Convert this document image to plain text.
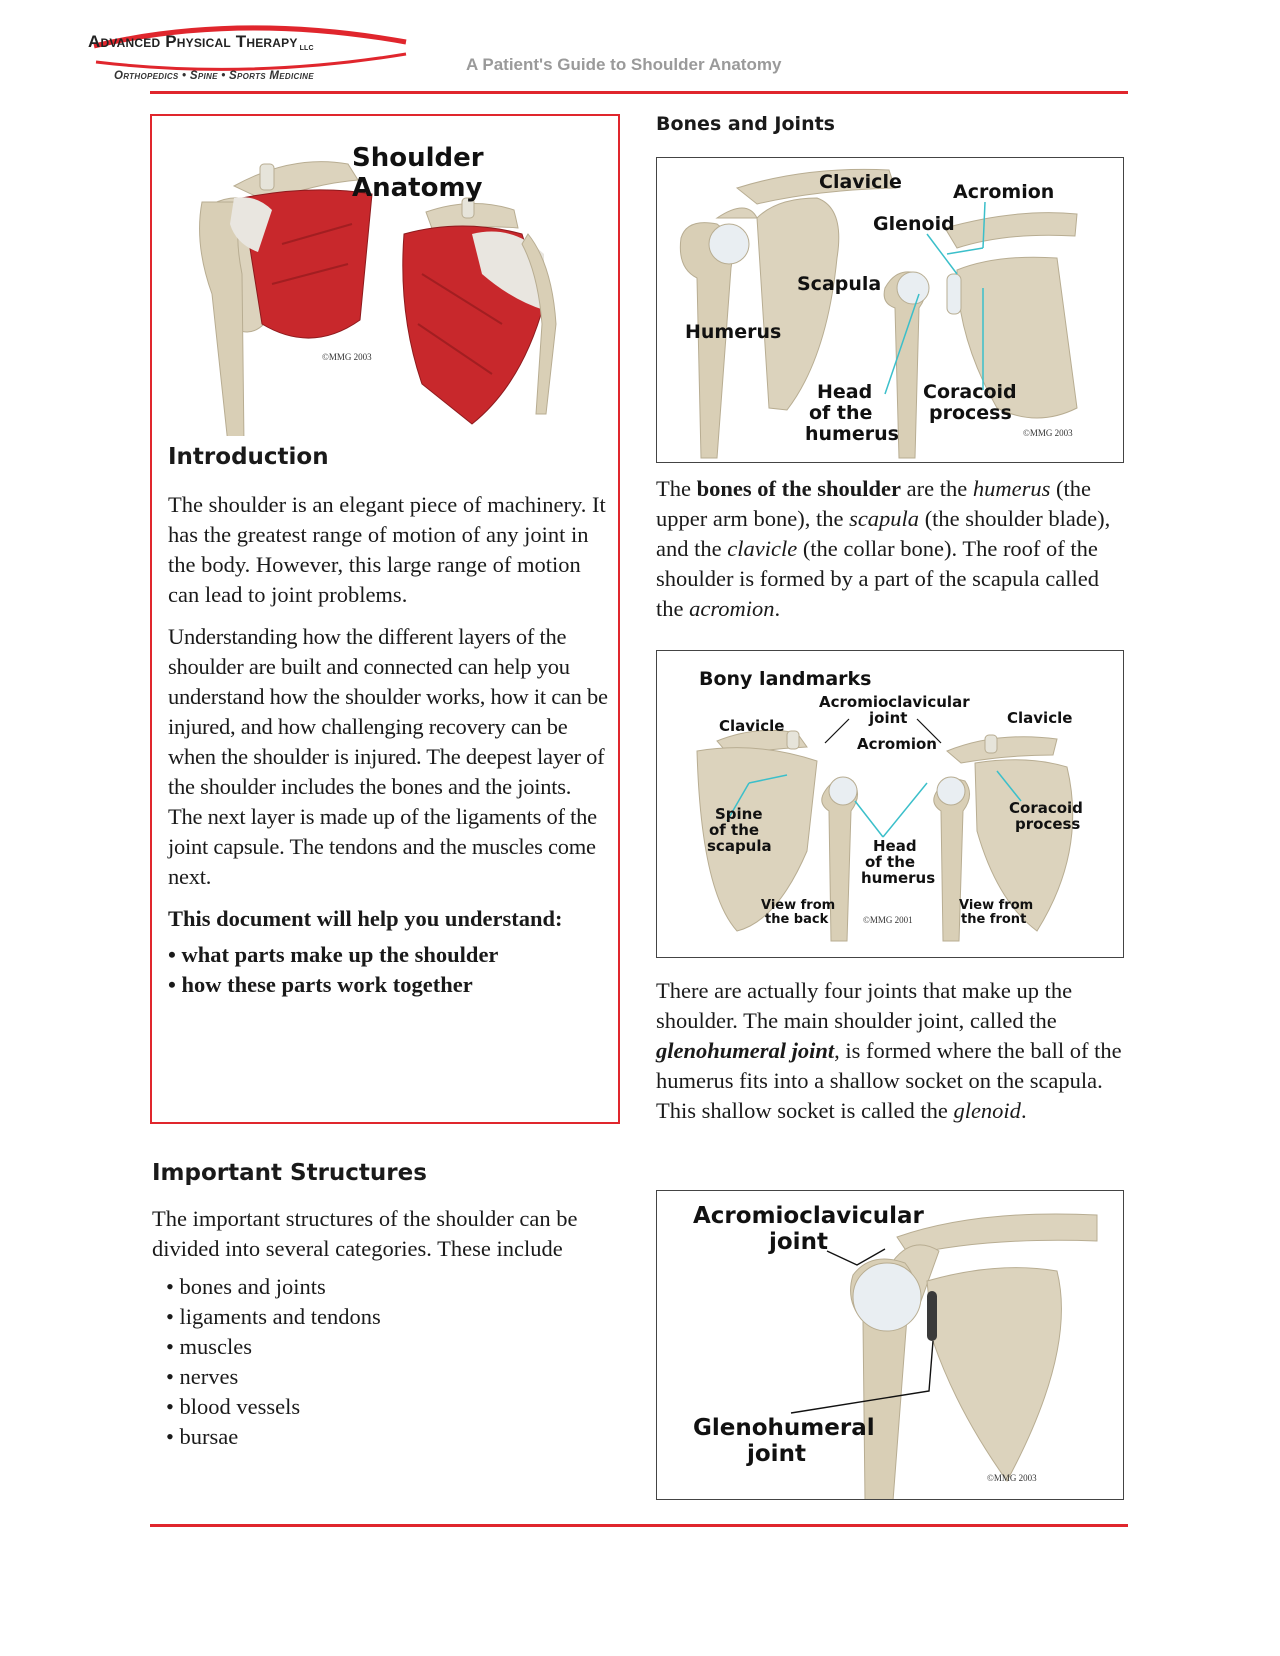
Advanced Physical Therapy LLC
Orthopedics • Spine • Sports Medicine
A Patient's Guide to Shoulder Anatomy
Shoulder
Anatomy
©MMG 2003
Introduction

The shoulder is an elegant piece of machinery. It has the greatest range of motion of any joint in the body. However, this large range of motion can lead to joint problems.

Understanding how the different layers of the shoulder are built and connected can help you understand how the shoulder works, how it can be injured, and how challenging recovery can be when the shoulder is injured. The deepest layer of the shoulder includes the bones and the joints. The next layer is made up of the ligaments of the joint capsule. The tendons and the muscles come next.

This document will help you understand:

• what parts make up the shoulder
• how these parts work together
Important Structures

The important structures of the shoulder can be divided into several categories. These include

• bones and joints
• ligaments and tendons
• muscles
• nerves
• blood vessels
• bursae
Bones and Joints
Clavicle	Acromion
Glenoid
Scapula
Humerus
Head
of the
humerus
Coracoid
process
©MMG 2003

The bones of the shoulder are the humerus (the upper arm bone), the scapula (the shoulder blade), and the clavicle (the collar bone). The roof of the shoulder is formed by a part of the scapula called the acromion.

Bony landmarks
Acromioclavicular
joint
Clavicle	Clavicle
Acromion
Spine
of the
scapula	Head
of the
humerus
Coracoid
process
View from
the back
View from
the front
©MMG 2001

There are actually four joints that make up the shoulder. The main shoulder joint, called the glenohumeral joint, is formed where the ball of the humerus fits into a shallow socket on the scapula. This shallow socket is called the glenoid.

Acromioclavicular
joint
Glenohumeral
joint
©MMG 2003
